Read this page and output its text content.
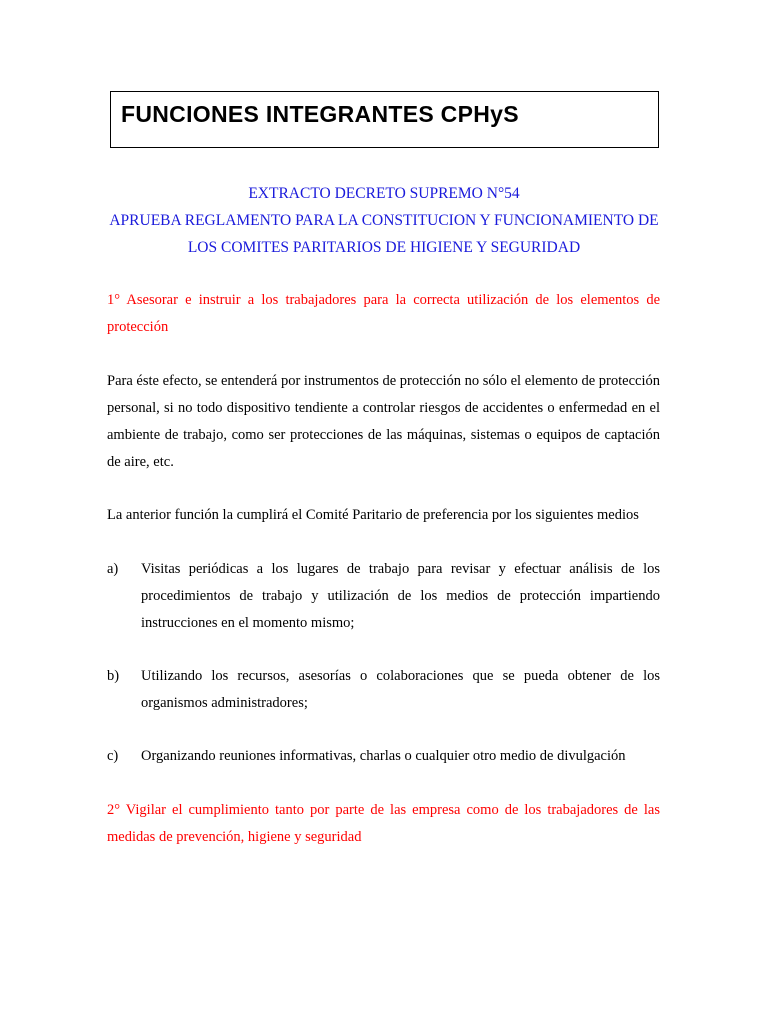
FUNCIONES INTEGRANTES CPHyS
EXTRACTO DECRETO SUPREMO N°54
APRUEBA REGLAMENTO PARA LA CONSTITUCION Y FUNCIONAMIENTO DE
LOS COMITES PARITARIOS DE HIGIENE Y SEGURIDAD
1° Asesorar e instruir a los trabajadores para la correcta utilización de los elementos de protección
Para éste efecto, se entenderá por instrumentos de protección no sólo el elemento de protección personal, si no todo dispositivo tendiente a controlar riesgos de accidentes o enfermedad en el ambiente de trabajo, como ser protecciones de las máquinas, sistemas o equipos de captación de aire, etc.
La anterior función la cumplirá el Comité Paritario de preferencia por los siguientes medios
a) Visitas periódicas a los lugares de trabajo para revisar y efectuar análisis de los procedimientos de trabajo y utilización de los medios de protección impartiendo instrucciones en el momento mismo;
b) Utilizando los recursos, asesorías o colaboraciones que se pueda obtener de los organismos administradores;
c) Organizando reuniones informativas, charlas o cualquier otro medio de divulgación
2° Vigilar el cumplimiento tanto por parte de las empresa como de los trabajadores de las medidas de prevención, higiene y seguridad
